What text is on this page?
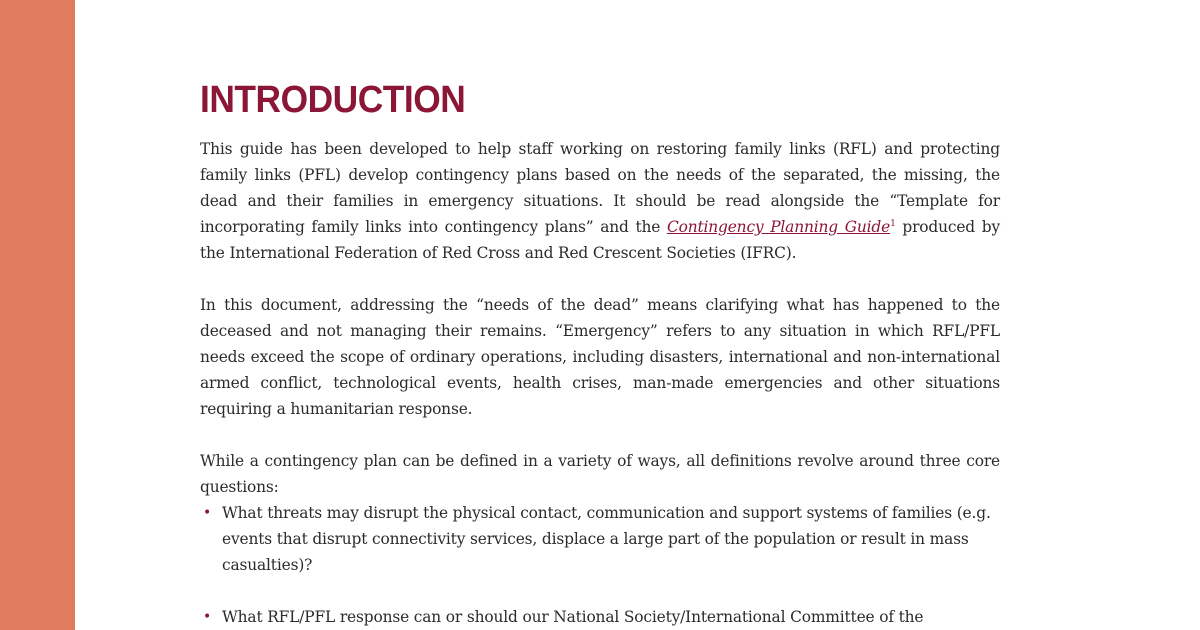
INTRODUCTION

This guide has been developed to help staff working on restoring family links (RFL) and protecting family links (PFL) develop contingency plans based on the needs of the separated, the missing, the dead and their families in emergency situations. It should be read alongside the “Template for incorporating family links into contingency plans” and the Contingency Planning Guide$^1$ produced by the International Federation of Red Cross and Red Crescent Societies (IFRC).

In this document, addressing the “needs of the dead” means clarifying what has happened to the deceased and not managing their remains. “Emergency” refers to any situation in which RFL/PFL needs exceed the scope of ordinary operations, including disasters, international and non-international armed conflict, technological events, health crises, man-made emergencies and other situations requiring a humanitarian response.

While a contingency plan can be defined in a variety of ways, all definitions revolve around three core questions:

• What threats may disrupt the physical contact, communication and support systems of families (e.g. events that disrupt connectivity services, displace a large part of the population or result in mass casualties)?
• What RFL/PFL response can or should our National Society/International Committee of the
